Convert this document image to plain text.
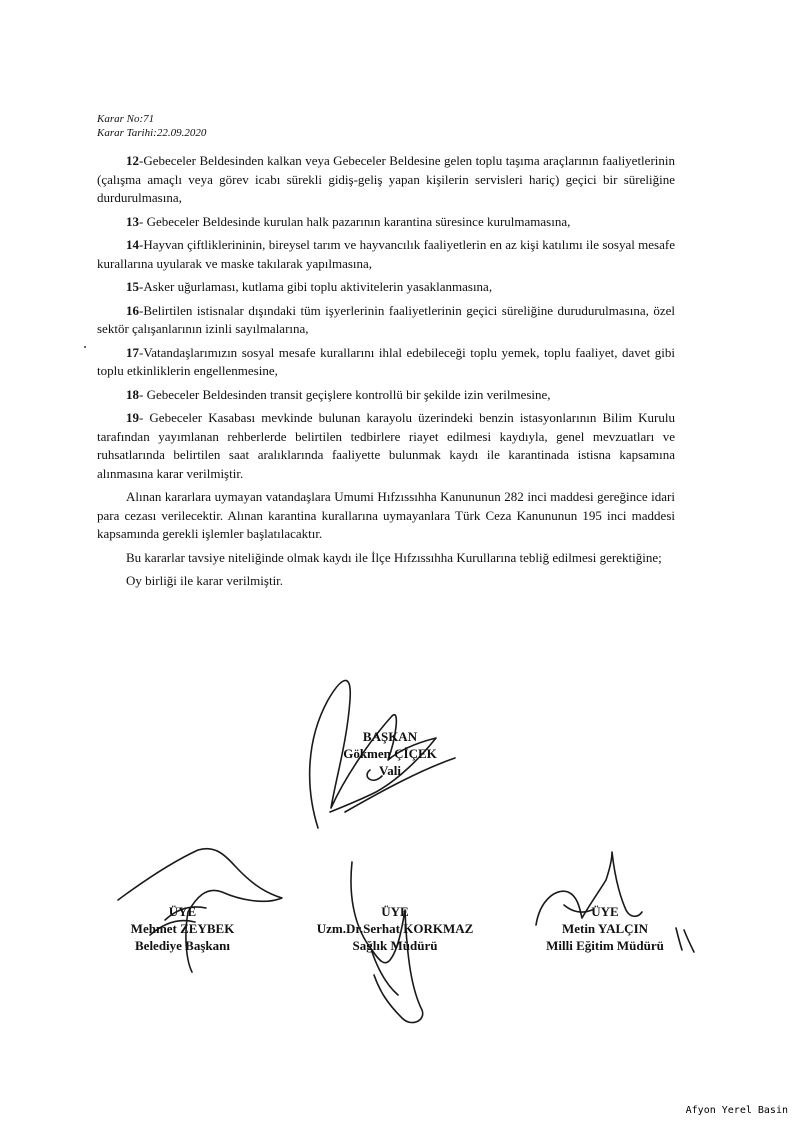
Karar No:71
Karar Tarihi:22.09.2020

12-Gebeceler Beldesinden kalkan veya Gebeceler Beldesine gelen toplu taşıma araçlarının faaliyetlerinin (çalışma amaçlı veya görev icabı sürekli gidiş-geliş yapan kişilerin servisleri hariç) geçici bir süreliğine durdurulmasına,

13- Gebeceler Beldesinde kurulan halk pazarının karantina süresince kurulmamasına,

14-Hayvan çiftliklerininin, bireysel tarım ve hayvancılık faaliyetlerin en az kişi katılımı ile sosyal mesafe kurallarına uyularak ve maske takılarak yapılmasına,

15-Asker uğurlaması, kutlama gibi toplu aktivitelerin yasaklanmasına,

16-Belirtilen istisnalar dışındaki tüm işyerlerinin faaliyetlerinin geçici süreliğine durudurulmasına, özel sektör çalışanlarının izinli sayılmalarına,

17-Vatandaşlarımızın sosyal mesafe kurallarını ihlal edebileceği toplu yemek, toplu faaliyet, davet gibi toplu etkinliklerin engellenmesine,

18- Gebeceler Beldesinden transit geçişlere kontrollü bir şekilde izin verilmesine,

19- Gebeceler Kasabası mevkinde bulunan karayolu üzerindeki benzin istasyonlarının Bilim Kurulu tarafından yayımlanan rehberlerde belirtilen tedbirlere riayet edilmesi kaydıyla, genel mevzuatları ve ruhsatlarında belirtilen saat aralıklarında faaliyette bulunmak kaydı ile karantinada istisna kapsamına alınmasına karar verilmiştir.

Alınan kararlara uymayan vatandaşlara Umumi Hıfzıssıhha Kanununun 282 inci maddesi gereğince idari para cezası verilecektir. Alınan karantina kurallarına uymayanlara Türk Ceza Kanununun 195 inci maddesi kapsamında gerekli işlemler başlatılacaktır.

Bu kararlar tavsiye niteliğinde olmak kaydı ile İlçe Hıfzıssıhha Kurullarına tebliğ edilmesi gerektiğine;

Oy birliği ile karar verilmiştir.

BAŞKAN
Gökmen ÇİÇEK
Vali
ÜYE
Mehmet ZEYBEK
Belediye Başkanı
ÜYE
Uzm.Dr.Serhat KORKMAZ
Sağlık Müdürü
ÜYE
Metin YALÇIN
Milli Eğitim Müdürü
Afyon Yerel Basin
